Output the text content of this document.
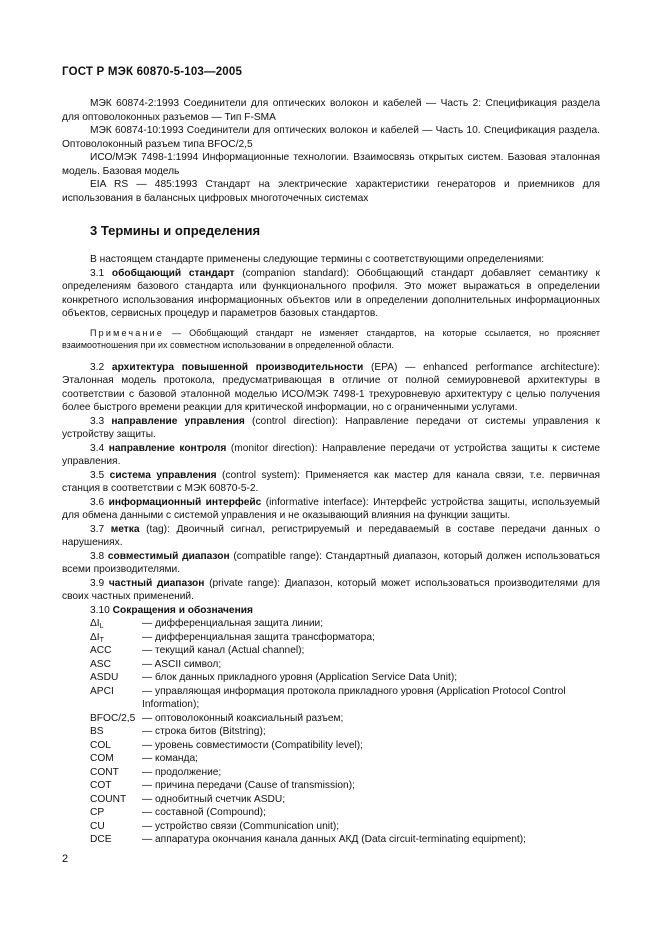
ГОСТ Р МЭК 60870-5-103—2005

МЭК 60874-2:1993 Соединители для оптических волокон и кабелей — Часть 2: Спецификация раздела для оптоволоконных разъемов — Тип F-SMA

МЭК 60874-10:1993 Соединители для оптических волокон и кабелей — Часть 10. Спецификация раздела. Оптоволоконный разъем типа BFOC/2,5

ИСО/МЭК 7498-1:1994 Информационные технологии. Взаимосвязь открытых систем. Базовая эталонная модель. Базовая модель

EIA RS — 485:1993 Стандарт на электрические характеристики генераторов и приемников для использования в балансных цифровых многоточечных системах

3 Термины и определения

В настоящем стандарте применены следующие термины с соответствующими определениями:

3.1 обобщающий стандарт (companion standard): Обобщающий стандарт добавляет семантику к определениям базового стандарта или функционального профиля. Это может выражаться в определении конкретного использования информационных объектов или в определении дополнительных информационных объектов, сервисных процедур и параметров базовых стандартов.

Примечание — Обобщающий стандарт не изменяет стандартов, на которые ссылается, но проясняет взаимоотношения при их совместном использовании в определенной области.

3.2 архитектура повышенной производительности (EPA) — enhanced performance architecture): Эталонная модель протокола, предусматривающая в отличие от полной семиуровневой архитектуры в соответствии с базовой эталонной моделью ИСО/МЭК 7498-1 трехуровневую архитектуру с целью получения более быстрого времени реакции для критической информации, но с ограниченными услугами.

3.3 направление управления (control direction): Направление передачи от системы управления к устройству защиты.

3.4 направление контроля (monitor direction): Направление передачи от устройства защиты к системе управления.

3.5 система управления (control system): Применяется как мастер для канала связи, т.е. первичная станция в соответствии с МЭК 60870-5-2.

3.6 информационный интерфейс (informative interface): Интерфейс устройства защиты, используемый для обмена данными с системой управления и не оказывающий влияния на функции защиты.

3.7 метка (tag): Двоичный сигнал, регистрируемый и передаваемый в составе передачи данных о нарушениях.

3.8 совместимый диапазон (compatible range): Стандартный диапазон, который должен использоваться всеми производителями.

3.9 частный диапазон (private range): Диапазон, который может использоваться производителями для своих частных применений.

3.10 Сокращения и обозначения
$\Delta I_L$	— дифференциальная защита линии;
$\Delta I_T$	— дифференциальная защита трансформатора;
ACC	— текущий канал (Actual channel);
ASC	— ASCII символ;
ASDU	— блок данных прикладного уровня (Application Service Data Unit);
APCI	— управляющая информация протокола прикладного уровня (Application Protocol Control Information);
BFOC/2,5 — оптоволоконный коаксиальный разъем;
BS	— строка битов (Bitstring);
COL	— уровень совместимости (Compatibility level);
COM	— команда;
CONT	— продолжение;
COT	— причина передачи (Cause of transmission);
COUNT	— однобитный счетчик ASDU;
CP	— составной (Compound);
CU	— устройство связи (Communication unit);
DCE	— аппаратура окончания канала данных АКД (Data circuit-terminating equipment);
2
